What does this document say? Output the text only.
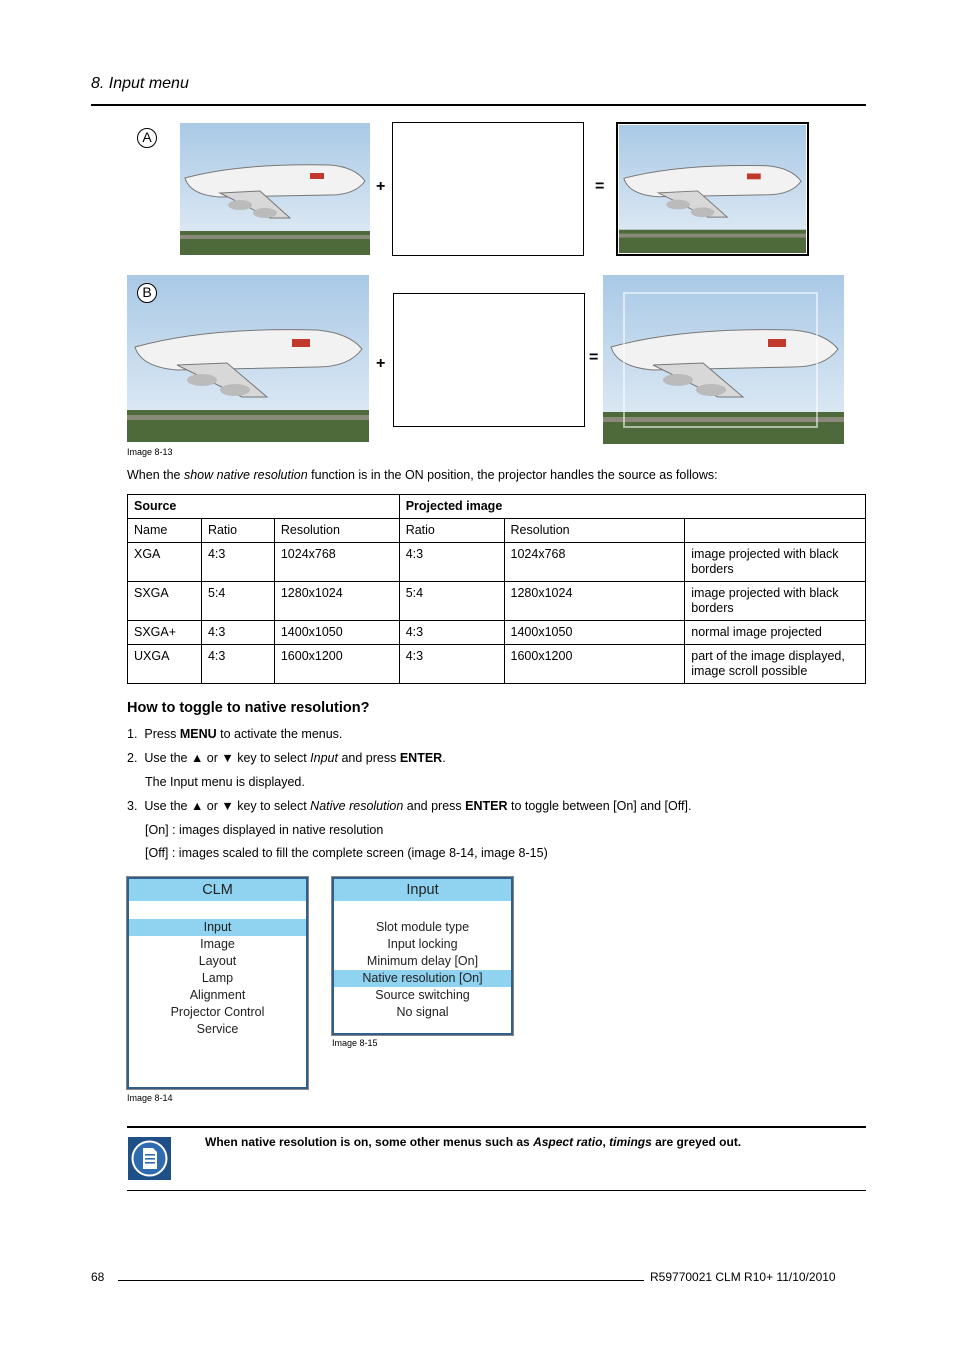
8. Input menu
A
+	=
B
+	=
Image 8-13
When the show native resolution function is in the ON position, the projector handles the source as follows:
Source			Projected image		
Name	Ratio	Resolution	Ratio	Resolution	
XGA	4:3	1024x768	4:3	1024x768	image projected with black borders
SXGA	5:4	1280x1024	5:4	1280x1024	image projected with black borders
SXGA+	4:3	1400x1050	4:3	1400x1050	normal image projected
UXGA	4:3	1600x1200	4:3	1600x1200	part of the image displayed, image scroll possible
How to toggle to native resolution?
1. Press MENU to activate the menus.
2. Use the ▲ or ▼ key to select Input and press ENTER.
The Input menu is displayed.
3. Use the ▲ or ▼ key to select Native resolution and press ENTER to toggle between [On] and [Off].
[On] : images displayed in native resolution
[Off] : images scaled to fill the complete screen (image 8-14, image 8-15)
CLM
Input
Image
Layout
Lamp
Alignment
Projector Control
Service
Image 8-14
Input
Slot module type
Input locking
Minimum delay [On]
Native resolution [On]
Source switching
No signal
Image 8-15
When native resolution is on, some other menus such as Aspect ratio, timings are greyed out.
68	R59770021 CLM R10+ 11/10/2010
